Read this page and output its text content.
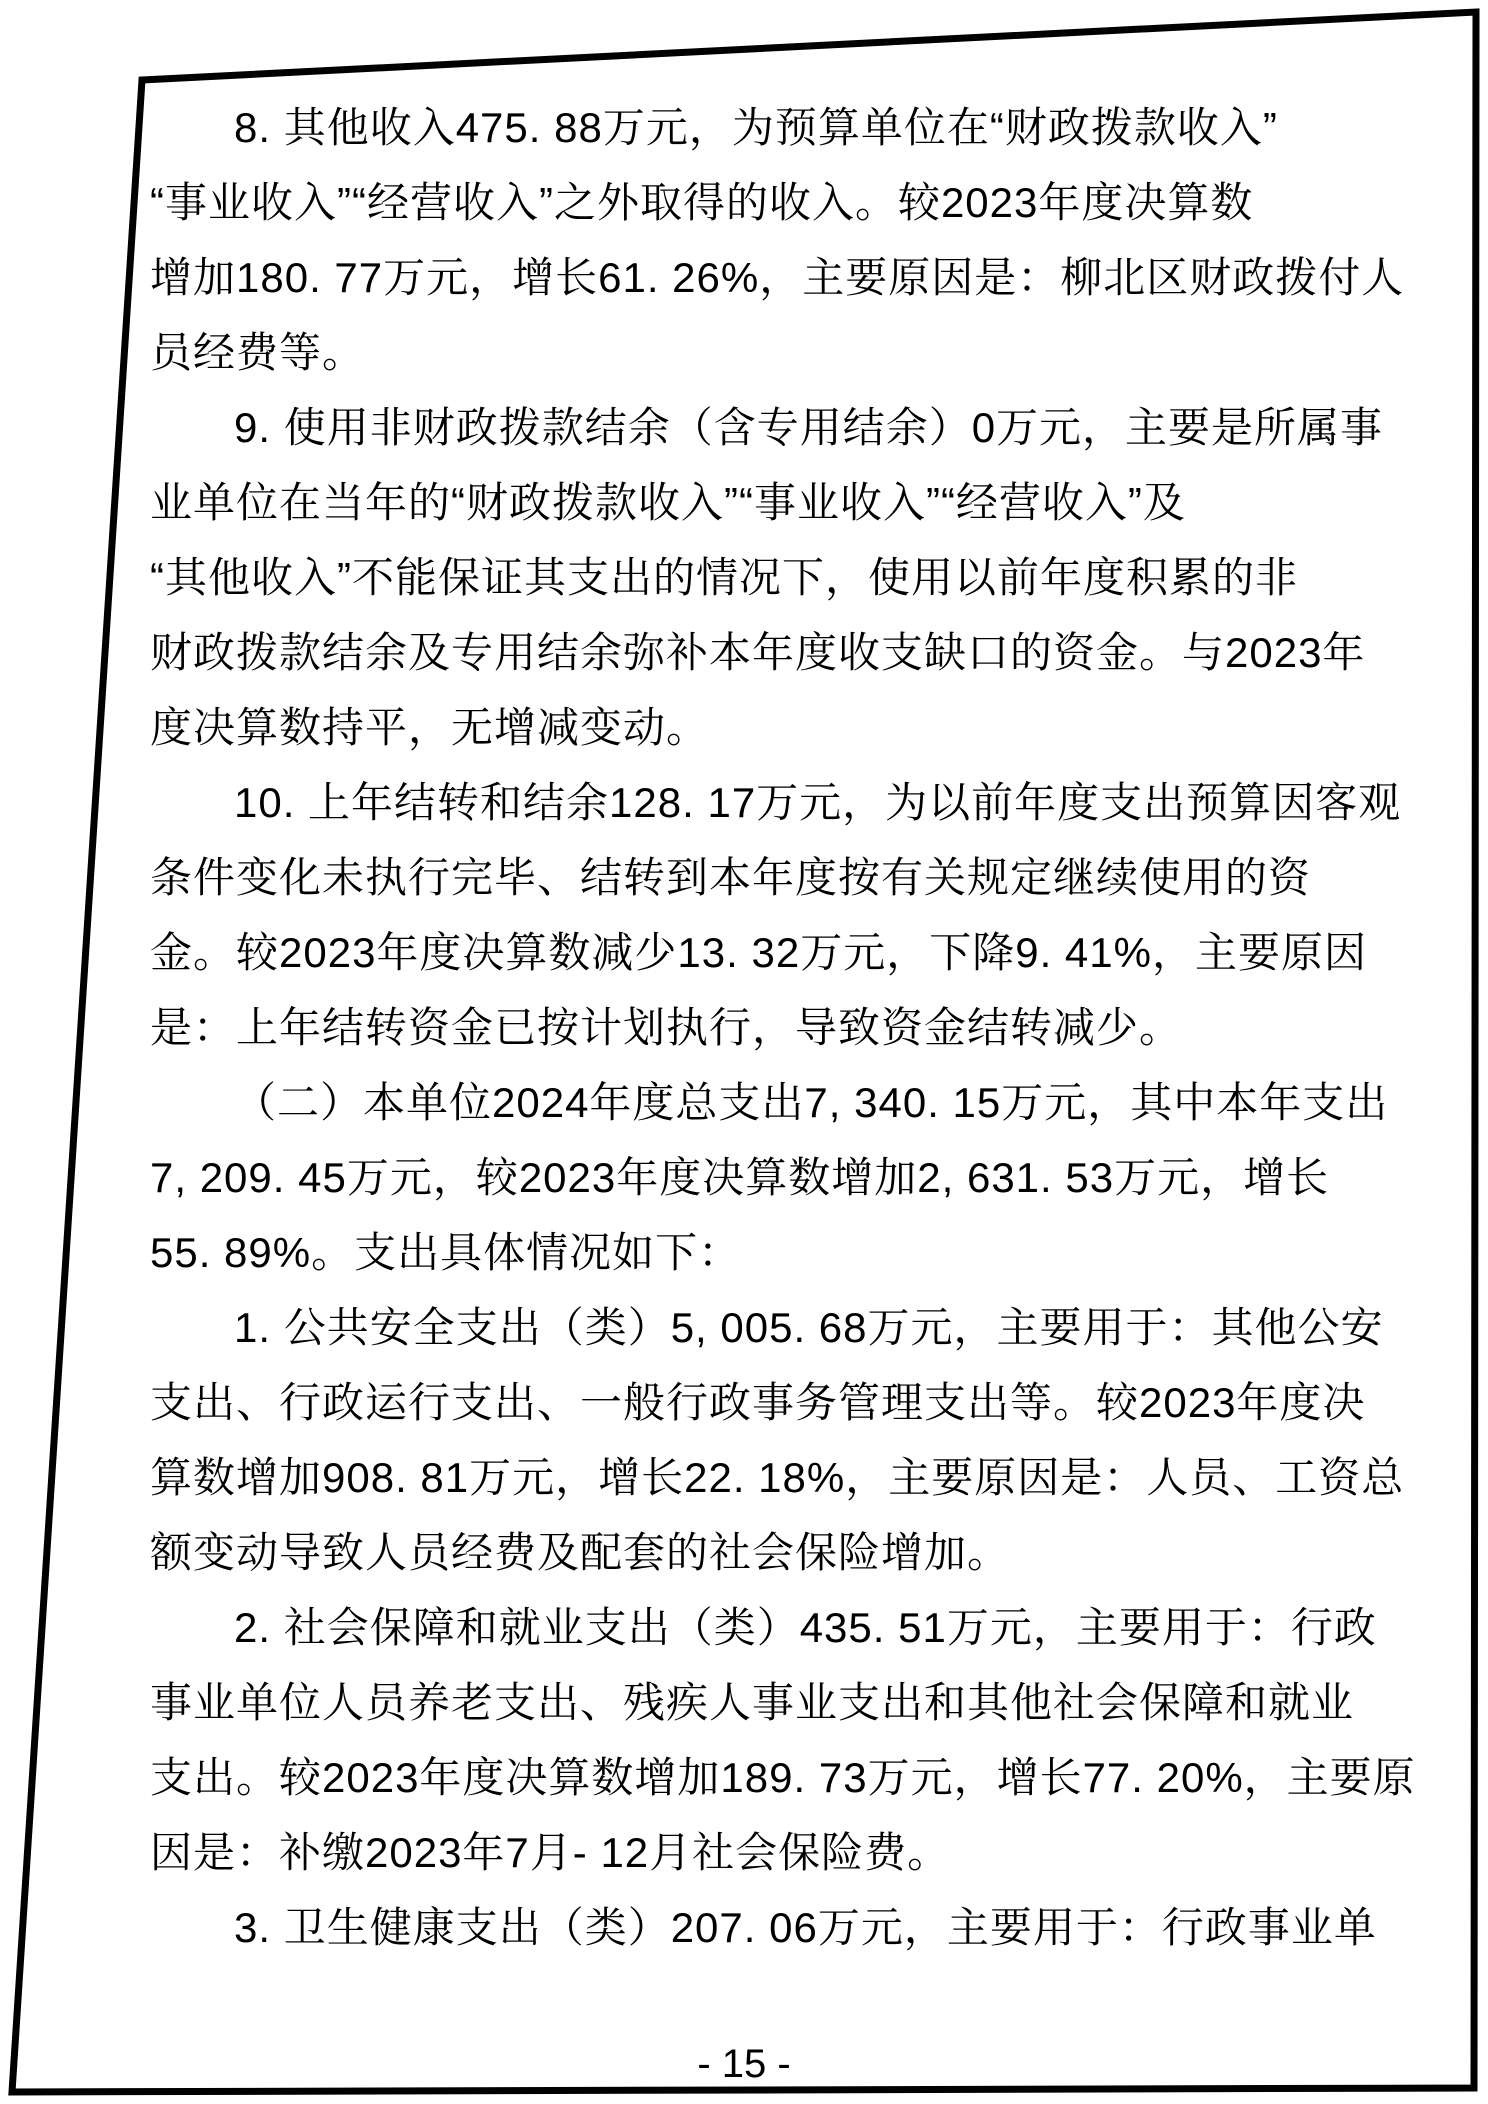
8. 其他收入475. 88万元，为预算单位在“财政拨款收入”
“事业收入”“经营收入”之外取得的收入。较2023年度决算数
增加180. 77万元，增长61. 26%，主要原因是：柳北区财政拨付人
员经费等。
9. 使用非财政拨款结余（含专用结余）0万元，主要是所属事
业单位在当年的“财政拨款收入”“事业收入”“经营收入”及
“其他收入”不能保证其支出的情况下，使用以前年度积累的非
财政拨款结余及专用结余弥补本年度收支缺口的资金。与2023年
度决算数持平，无增减变动。
10. 上年结转和结余128. 17万元，为以前年度支出预算因客观
条件变化未执行完毕、结转到本年度按有关规定继续使用的资
金。较2023年度决算数减少13. 32万元，下降9. 41%，主要原因
是：上年结转资金已按计划执行，导致资金结转减少。
（二）本单位2024年度总支出7, 340. 15万元，其中本年支出
7, 209. 45万元，较2023年度决算数增加2, 631. 53万元，增长
55. 89%。支出具体情况如下：
1. 公共安全支出（类）5, 005. 68万元，主要用于：其他公安
支出、行政运行支出、一般行政事务管理支出等。较2023年度决
算数增加908. 81万元，增长22. 18%，主要原因是：人员、工资总
额变动导致人员经费及配套的社会保险增加。
2. 社会保障和就业支出（类）435. 51万元，主要用于：行政
事业单位人员养老支出、残疾人事业支出和其他社会保障和就业
支出。较2023年度决算数增加189. 73万元，增长77. 20%，主要原
因是：补缴2023年7月- 12月社会保险费。
3. 卫生健康支出（类）207. 06万元，主要用于：行政事业单
- 15 -
